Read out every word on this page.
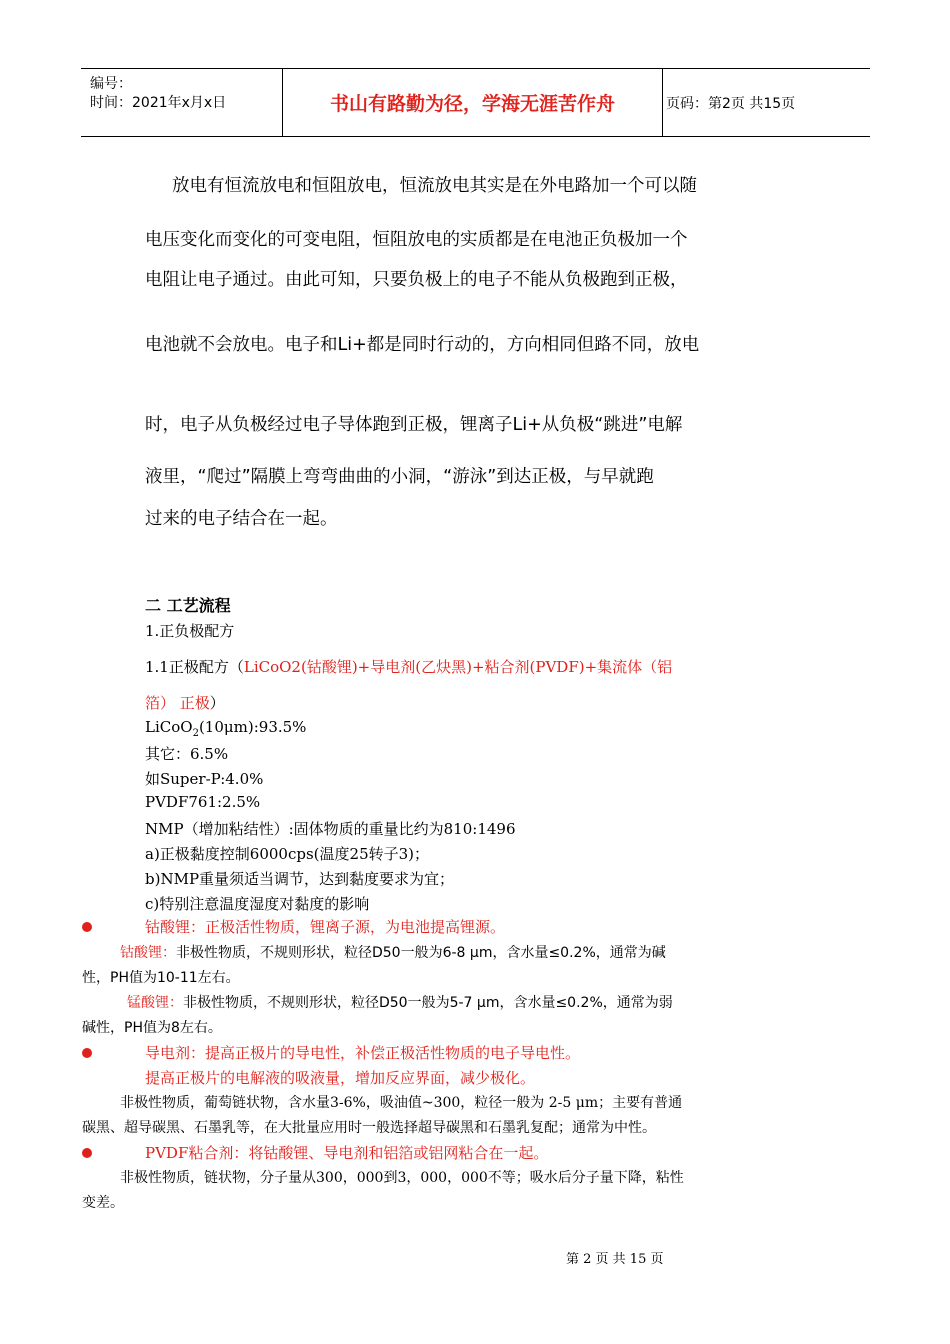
编号：
时间：2021年x月x日	书山有路勤为径，学海无涯苦作舟	页码：第2页 共15页
放电有恒流放电和恒阻放电，恒流放电其实是在外电路加一个可以随
电压变化而变化的可变电阻，恒阻放电的实质都是在电池正负极加一个
电阻让电子通过。由此可知，只要负极上的电子不能从负极跑到正极，
电池就不会放电。电子和Li+都是同时行动的，方向相同但路不同，放电
时，电子从负极经过电子导体跑到正极，锂离子Li+从负极“跳进”电解
液里，“爬过”隔膜上弯弯曲曲的小洞，“游泳”到达正极，与早就跑
过来的电子结合在一起。
二 工艺流程
1.正负极配方
1.1正极配方（LiCoO2(钴酸锂)+导电剂(乙炔黑)+粘合剂(PVDF)+集流体（铝
箔） 正极）
LiCoO$_2$(10μm):93.5%
其它：6.5%
如Super-P:4.0%
PVDF761:2.5%
NMP（增加粘结性）:固体物质的重量比约为810:1496
a)正极黏度控制6000cps(温度25转子3)；
b)NMP重量须适当调节，达到黏度要求为宜；
c)特别注意温度湿度对黏度的影响
钴酸锂：正极活性物质，锂离子源，为电池提高锂源。
钴酸锂：非极性物质，不规则形状，粒径D50一般为6-8 μm，含水量≤0.2%，通常为碱
性，PH值为10-11左右。
锰酸锂：非极性物质，不规则形状，粒径D50一般为5-7 μm，含水量≤0.2%，通常为弱
碱性，PH值为8左右。
导电剂：提高正极片的导电性，补偿正极活性物质的电子导电性。
提高正极片的电解液的吸液量，增加反应界面，减少极化。
非极性物质，葡萄链状物，含水量3-6%，吸油值~300，粒径一般为 2-5 μm；主要有普通
碳黑、超导碳黑、石墨乳等，在大批量应用时一般选择超导碳黑和石墨乳复配；通常为中性。
PVDF粘合剂：将钴酸锂、导电剂和铝箔或铝网粘合在一起。
非极性物质，链状物，分子量从300，000到3，000，000不等；吸水后分子量下降，粘性
变差。
第 2 页 共 15 页
